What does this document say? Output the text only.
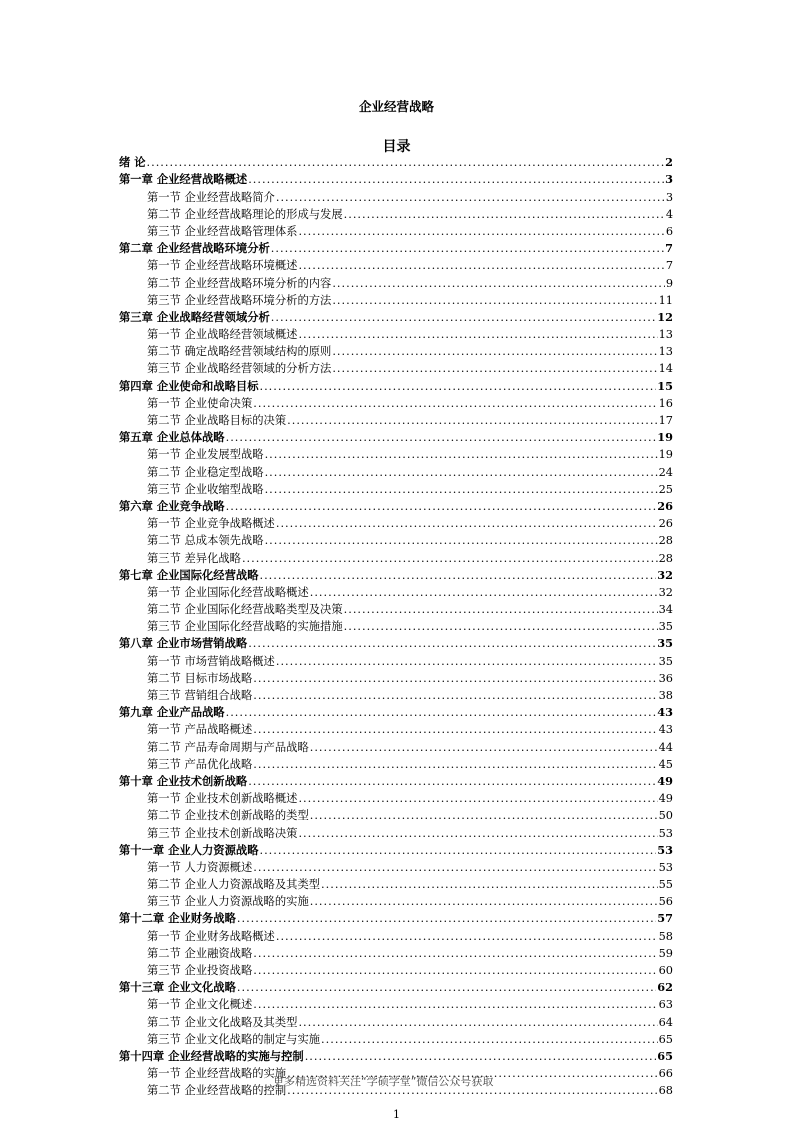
企业经营战略
目录
绪 论 .....	2
第一章 企业经营战略概述 .....	3
第一节 企业经营战略简介 .....	3
第二节 企业经营战略理论的形成与发展 .....	4
第三节 企业经营战略管理体系 .....	6
第二章 企业经营战略环境分析 .....	7
第一节 企业经营战略环境概述 .....	7
第二节 企业经营战略环境分析的内容 .....	9
第三节 企业经营战略环境分析的方法 .....	11
第三章 企业战略经营领域分析 .....	12
第一节 企业战略经营领域概述 .....	13
第二节 确定战略经营领域结构的原则 .....	13
第三节 企业战略经营领域的分析方法 .....	14
第四章 企业使命和战略目标 .....	15
第一节 企业使命决策 .....	16
第二节 企业战略目标的决策 .....	17
第五章 企业总体战略 .....	19
第一节 企业发展型战略 .....	19
第二节 企业稳定型战略 .....	24
第三节 企业收缩型战略 .....	25
第六章 企业竞争战略 .....	26
第一节 企业竞争战略概述 .....	26
第二节 总成本领先战略 .....	28
第三节 差异化战略 .....	28
第七章 企业国际化经营战略 .....	32
第一节 企业国际化经营战略概述 .....	32
第二节 企业国际化经营战略类型及决策 .....	34
第三节 企业国际化经营战略的实施措施 .....	35
第八章 企业市场营销战略 .....	35
第一节 市场营销战略概述 .....	35
第二节 目标市场战略 .....	36
第三节 营销组合战略 .....	38
第九章 企业产品战略 .....	43
第一节 产品战略概述 .....	43
第二节 产品寿命周期与产品战略 .....	44
第三节 产品优化战略 .....	45
第十章 企业技术创新战略 .....	49
第一节 企业技术创新战略概述 .....	49
第二节 企业技术创新战略的类型 .....	50
第三节 企业技术创新战略决策 .....	53
第十一章 企业人力资源战略 .....	53
第一节 人力资源概述 .....	53
第二节 企业人力资源战略及其类型 .....	55
第三节 企业人力资源战略的实施 .....	56
第十二章 企业财务战略 .....	57
第一节 企业财务战略概述 .....	58
第二节 企业融资战略 .....	59
第三节 企业投资战略 .....	60
第十三章 企业文化战略 .....	62
第一节 企业文化概述 .....	63
第二节 企业文化战略及其类型 .....	64
第三节 企业文化战略的制定与实施 .....	65
第十四章 企业经营战略的实施与控制 .....	65
第一节 企业经营战略的实施 .....	66
第二节 企业经营战略的控制 .....	68
更多精选资料关注“学硕学堂”微信公众号获取
1
